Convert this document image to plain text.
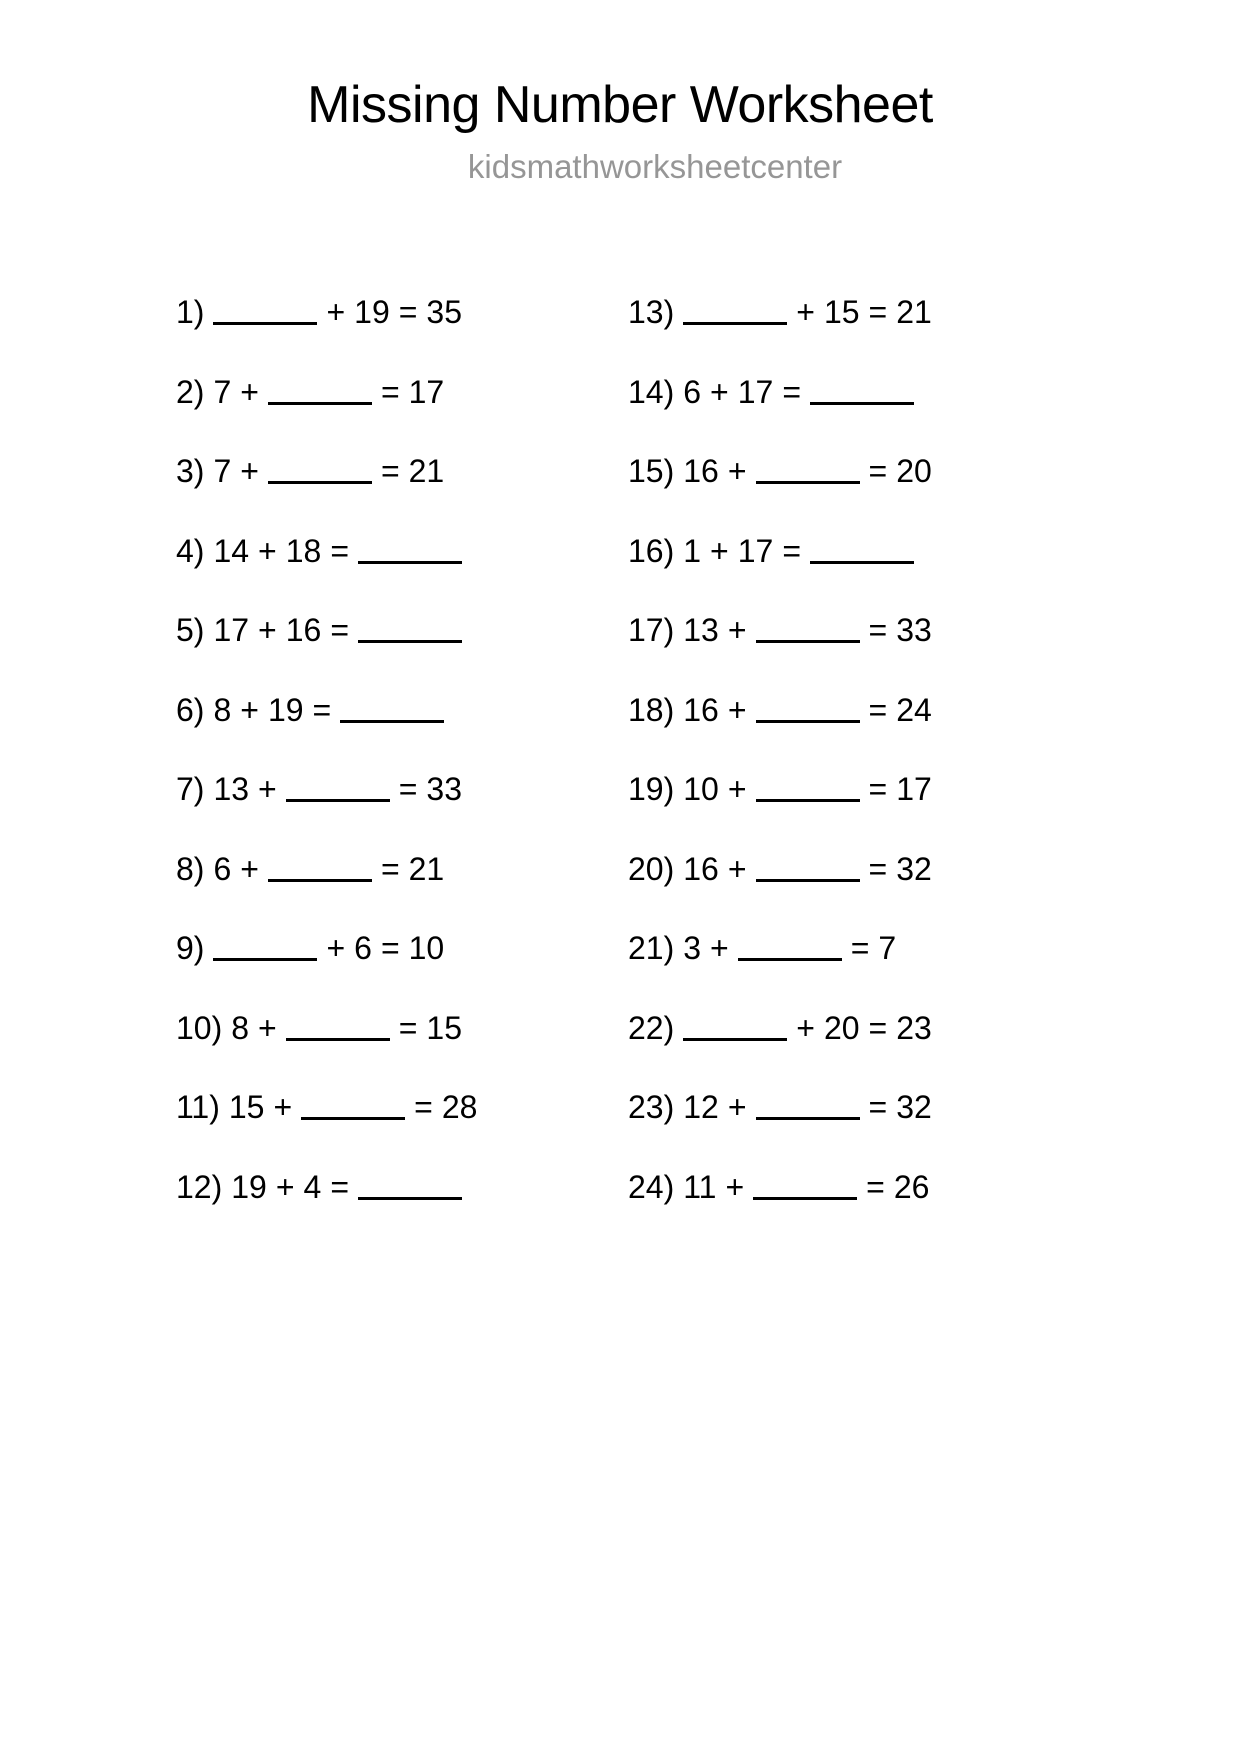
Missing Number Worksheet
kidsmathworksheetcenter
1)	+ 19 = 35
2) 7 +	= 17
3) 7 +	= 21
4) 14 + 18 =
5) 17 + 16 =
6) 8 + 19 =
7) 13 +	= 33
8) 6 +	= 21
9)	+ 6 = 10
10) 8 +	= 15
11) 15 +	= 28
12) 19 + 4 =
13)	+ 15 = 21
14) 6 + 17 =
15) 16 +	= 20
16) 1 + 17 =
17) 13 +	= 33
18) 16 +	= 24
19) 10 +	= 17
20) 16 +	= 32
21) 3 +	= 7
22)	+ 20 = 23
23) 12 +	= 32
24) 11 +	= 26
